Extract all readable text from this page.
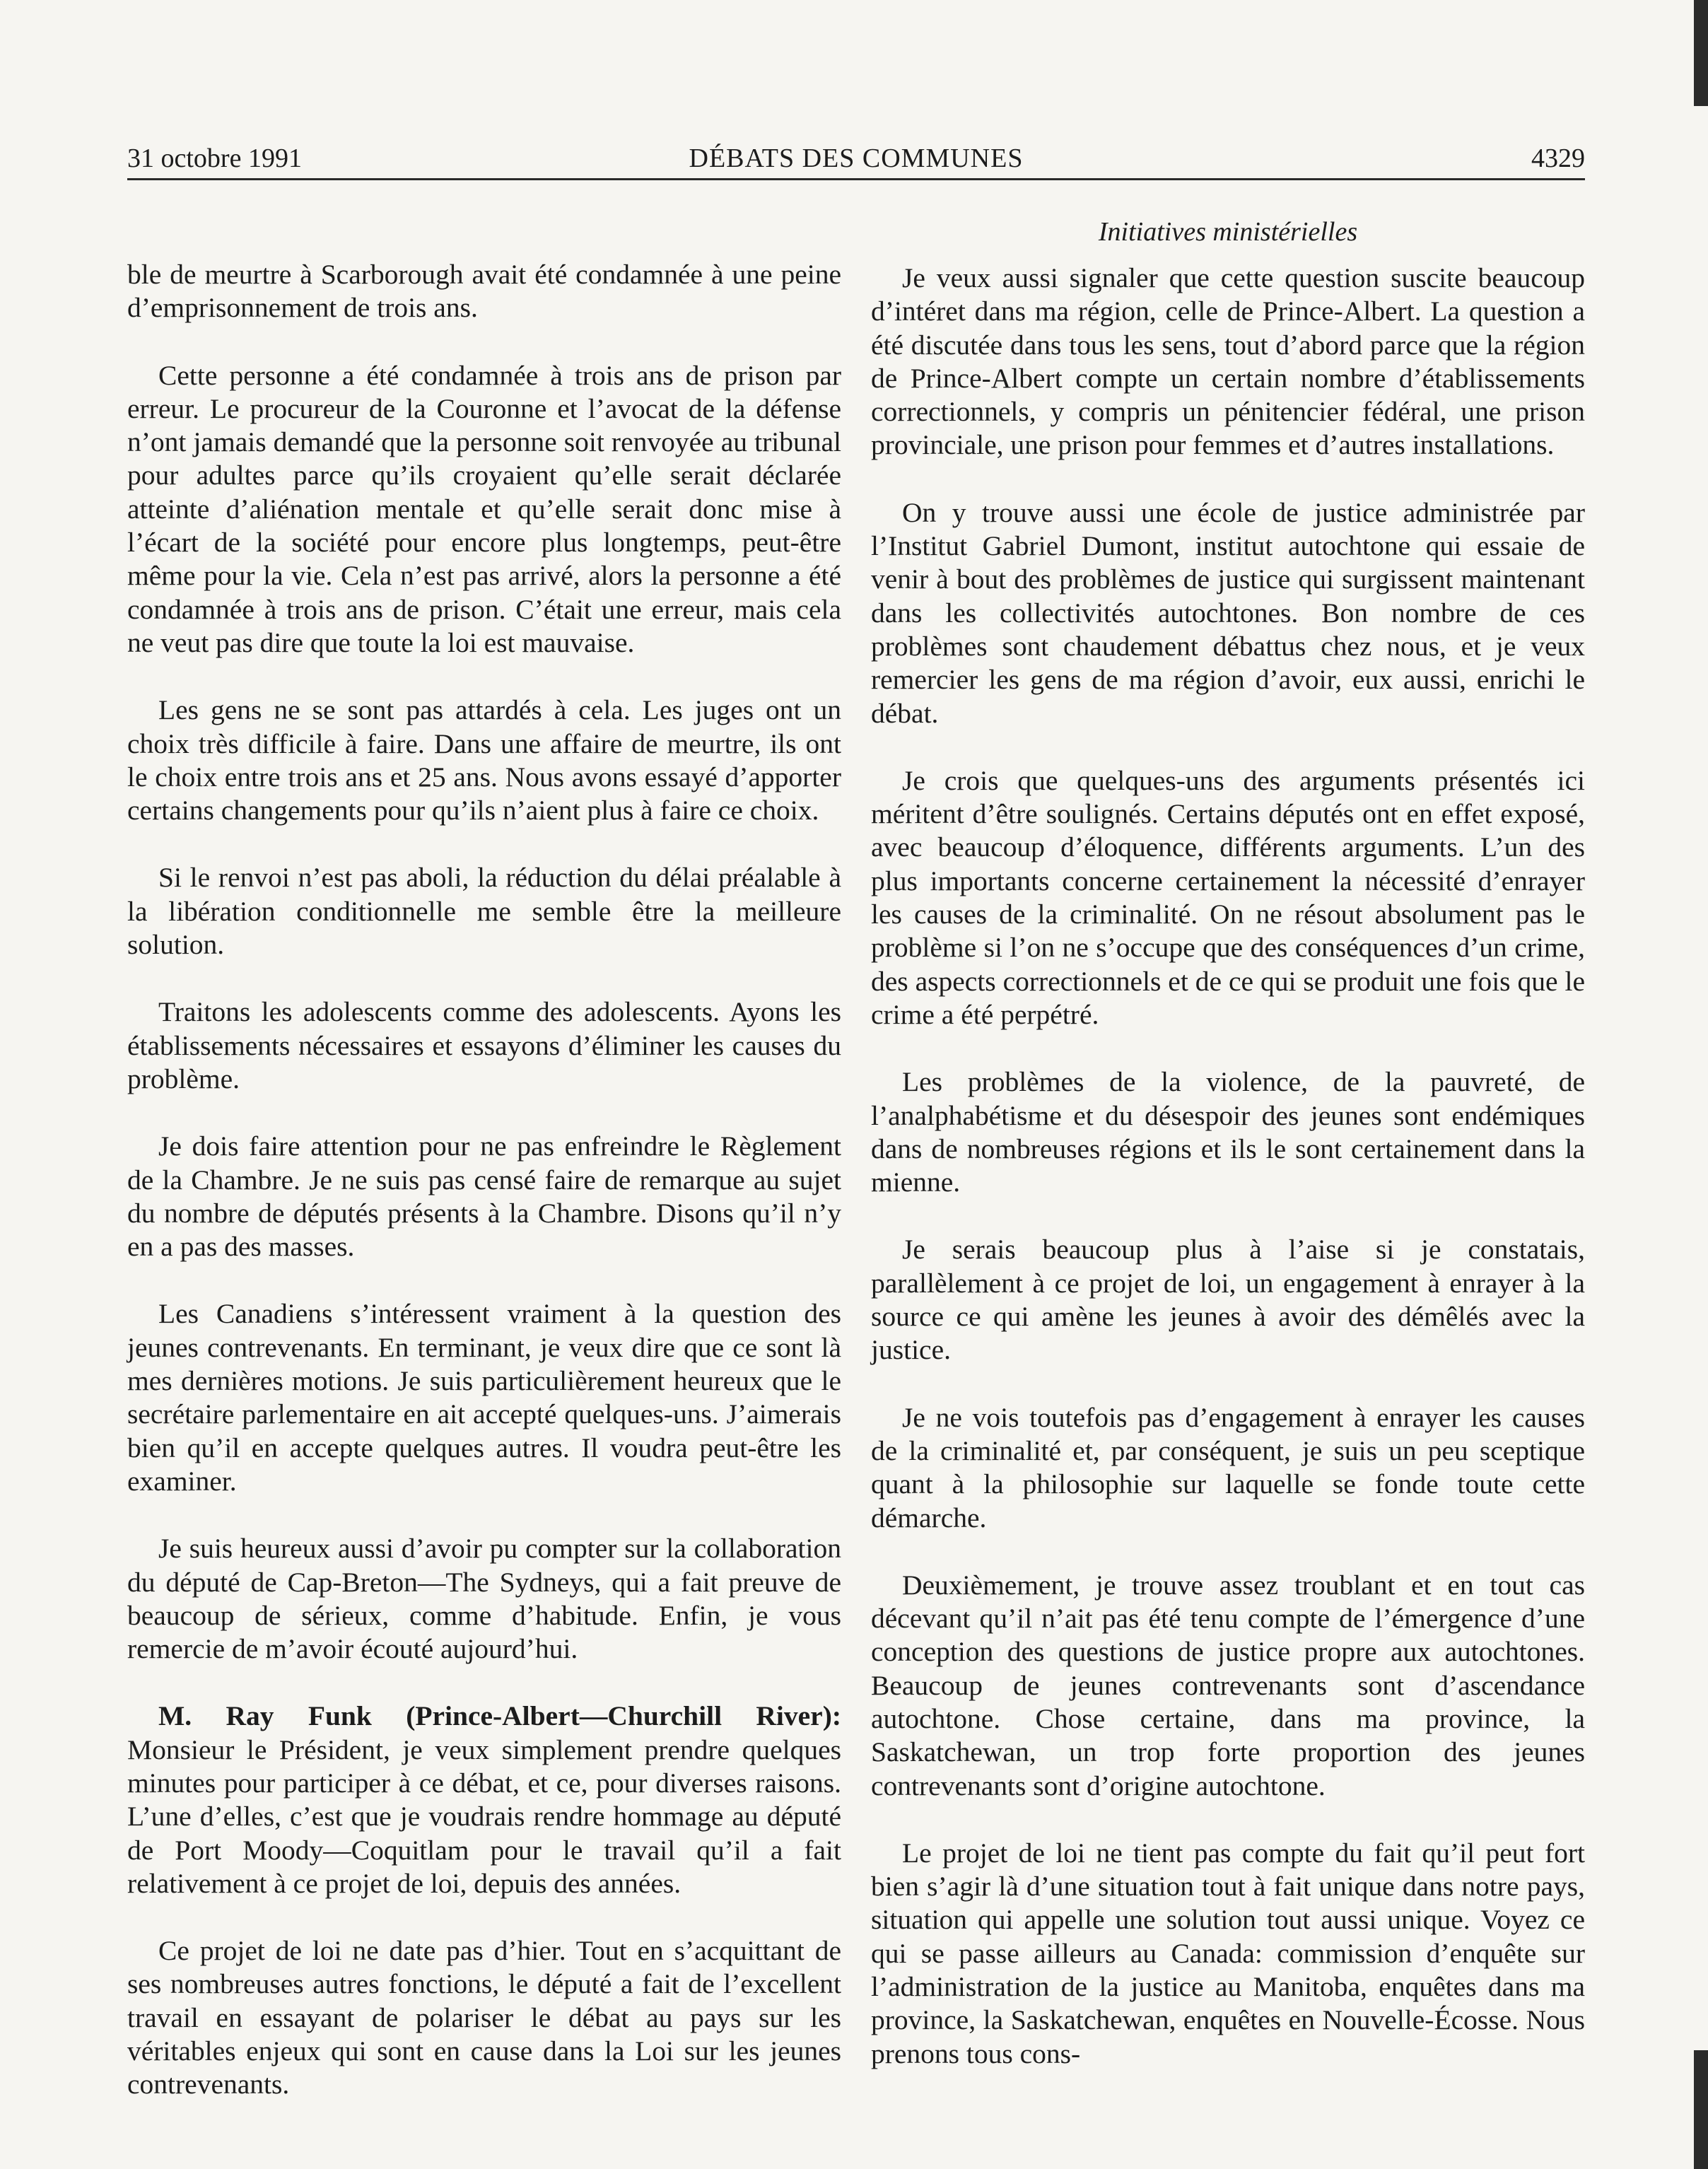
31 octobre 1991	DÉBATS DES COMMUNES	4329
Initiatives ministérielles

ble de meurtre à Scarborough avait été condamnée à une peine d’emprisonnement de trois ans.

Cette personne a été condamnée à trois ans de prison par erreur. Le procureur de la Couronne et l’avocat de la défense n’ont jamais demandé que la personne soit renvoyée au tribunal pour adultes parce qu’ils croyaient qu’elle serait déclarée atteinte d’aliénation mentale et qu’elle serait donc mise à l’écart de la société pour encore plus longtemps, peut-être même pour la vie. Cela n’est pas arrivé, alors la personne a été condamnée à trois ans de prison. C’était une erreur, mais cela ne veut pas dire que toute la loi est mauvaise.

Les gens ne se sont pas attardés à cela. Les juges ont un choix très difficile à faire. Dans une affaire de meurtre, ils ont le choix entre trois ans et 25 ans. Nous avons essayé d’apporter certains changements pour qu’ils n’aient plus à faire ce choix.

Si le renvoi n’est pas aboli, la réduction du délai préalable à la libération conditionnelle me semble être la meilleure solution.

Traitons les adolescents comme des adolescents. Ayons les établissements nécessaires et essayons d’éliminer les causes du problème.

Je dois faire attention pour ne pas enfreindre le Règlement de la Chambre. Je ne suis pas censé faire de remarque au sujet du nombre de députés présents à la Chambre. Disons qu’il n’y en a pas des masses.

Les Canadiens s’intéressent vraiment à la question des jeunes contrevenants. En terminant, je veux dire que ce sont là mes dernières motions. Je suis particulièrement heureux que le secrétaire parlementaire en ait accepté quelques-uns. J’aimerais bien qu’il en accepte quelques autres. Il voudra peut-être les examiner.

Je suis heureux aussi d’avoir pu compter sur la collaboration du député de Cap-Breton—The Sydneys, qui a fait preuve de beaucoup de sérieux, comme d’habitude. Enfin, je vous remercie de m’avoir écouté aujourd’hui.

M. Ray Funk (Prince-Albert—Churchill River): Monsieur le Président, je veux simplement prendre quelques minutes pour participer à ce débat, et ce, pour diverses raisons. L’une d’elles, c’est que je voudrais rendre hommage au député de Port Moody—Coquitlam pour le travail qu’il a fait relativement à ce projet de loi, depuis des années.

Ce projet de loi ne date pas d’hier. Tout en s’acquittant de ses nombreuses autres fonctions, le député a fait de l’excellent travail en essayant de polariser le débat au pays sur les véritables enjeux qui sont en cause dans la Loi sur les jeunes contrevenants.

Je veux aussi signaler que cette question suscite beaucoup d’intéret dans ma région, celle de Prince-Albert. La question a été discutée dans tous les sens, tout d’abord parce que la région de Prince-Albert compte un certain nombre d’établissements correctionnels, y compris un pénitencier fédéral, une prison provinciale, une prison pour femmes et d’autres installations.

On y trouve aussi une école de justice administrée par l’Institut Gabriel Dumont, institut autochtone qui essaie de venir à bout des problèmes de justice qui surgissent maintenant dans les collectivités autochtones. Bon nombre de ces problèmes sont chaudement débattus chez nous, et je veux remercier les gens de ma région d’avoir, eux aussi, enrichi le débat.

Je crois que quelques-uns des arguments présentés ici méritent d’être soulignés. Certains députés ont en effet exposé, avec beaucoup d’éloquence, différents arguments. L’un des plus importants concerne certainement la nécessité d’enrayer les causes de la criminalité. On ne résout absolument pas le problème si l’on ne s’occupe que des conséquences d’un crime, des aspects correctionnels et de ce qui se produit une fois que le crime a été perpétré.

Les problèmes de la violence, de la pauvreté, de l’analphabétisme et du désespoir des jeunes sont endémiques dans de nombreuses régions et ils le sont certainement dans la mienne.

Je serais beaucoup plus à l’aise si je constatais, parallèlement à ce projet de loi, un engagement à enrayer à la source ce qui amène les jeunes à avoir des démêlés avec la justice.

Je ne vois toutefois pas d’engagement à enrayer les causes de la criminalité et, par conséquent, je suis un peu sceptique quant à la philosophie sur laquelle se fonde toute cette démarche.

Deuxièmement, je trouve assez troublant et en tout cas décevant qu’il n’ait pas été tenu compte de l’émergence d’une conception des questions de justice propre aux autochtones. Beaucoup de jeunes contrevenants sont d’ascendance autochtone. Chose certaine, dans ma province, la Saskatchewan, un trop forte proportion des jeunes contrevenants sont d’origine autochtone.

Le projet de loi ne tient pas compte du fait qu’il peut fort bien s’agir là d’une situation tout à fait unique dans notre pays, situation qui appelle une solution tout aussi unique. Voyez ce qui se passe ailleurs au Canada: commission d’enquête sur l’administration de la justice au Manitoba, enquêtes dans ma province, la Saskatchewan, enquêtes en Nouvelle-Écosse. Nous prenons tous cons-
